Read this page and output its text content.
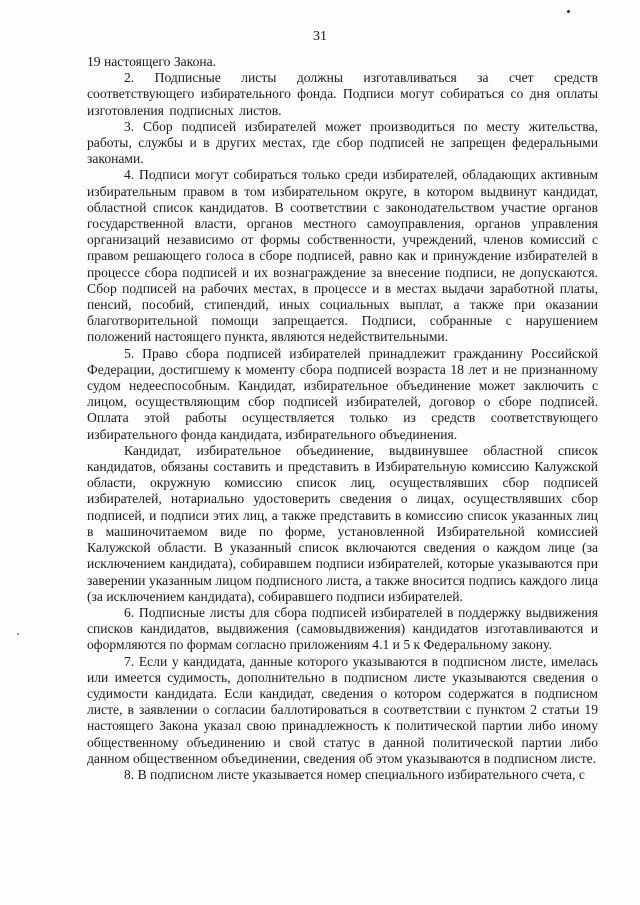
31

19 настоящего Закона.

2. Подписные листы должны изготавливаться за счет средств соответствующего избирательного фонда. Подписи могут собираться со дня оплаты изготовления подписных листов.

3. Сбор подписей избирателей может производиться по месту жительства, работы, службы и в других местах, где сбор подписей не запрещен федеральными законами.

4. Подписи могут собираться только среди избирателей, обладающих активным избирательным правом в том избирательном округе, в котором выдвинут кандидат, областной список кандидатов. В соответствии с законодательством участие органов государственной власти, органов местного самоуправления, органов управления организаций независимо от формы собственности, учреждений, членов комиссий с правом решающего голоса в сборе подписей, равно как и принуждение избирателей в процессе сбора подписей и их вознаграждение за внесение подписи, не допускаются. Сбор подписей на рабочих местах, в процессе и в местах выдачи заработной платы, пенсий, пособий, стипендий, иных социальных выплат, а также при оказании благотворительной помощи запрещается. Подписи, собранные с нарушением положений настоящего пункта, являются недействительными.

5. Право сбора подписей избирателей принадлежит гражданину Российской Федерации, достигшему к моменту сбора подписей возраста 18 лет и не признанному судом недееспособным. Кандидат, избирательное объединение может заключить с лицом, осуществляющим сбор подписей избирателей, договор о сборе подписей. Оплата этой работы осуществляется только из средств соответствующего избирательного фонда кандидата, избирательного объединения.

Кандидат, избирательное объединение, выдвинувшее областной список кандидатов, обязаны составить и представить в Избирательную комиссию Калужской области, окружную комиссию список лиц, осуществлявших сбор подписей избирателей, нотариально удостоверить сведения о лицах, осуществлявших сбор подписей, и подписи этих лиц, а также представить в комиссию список указанных лиц в машиночитаемом виде по форме, установленной Избирательной комиссией Калужской области. В указанный список включаются сведения о каждом лице (за исключением кандидата), собиравшем подписи избирателей, которые указываются при заверении указанным лицом подписного листа, а также вносится подпись каждого лица (за исключением кандидата), собиравшего подписи избирателей.

6. Подписные листы для сбора подписей избирателей в поддержку выдвижения списков кандидатов, выдвижения (самовыдвижения) кандидатов изготавливаются и оформляются по формам согласно приложениям 4.1 и 5 к Федеральному закону.

7. Если у кандидата, данные которого указываются в подписном листе, имелась или имеется судимость, дополнительно в подписном листе указываются сведения о судимости кандидата. Если кандидат, сведения о котором содержатся в подписном листе, в заявлении о согласии баллотироваться в соответствии с пунктом 2 статьи 19 настоящего Закона указал свою принадлежность к политической партии либо иному общественному объединению и свой статус в данной политической партии либо данном общественном объединении, сведения об этом указываются в подписном листе.

8. В подписном листе указывается номер специального избирательного счета, с
